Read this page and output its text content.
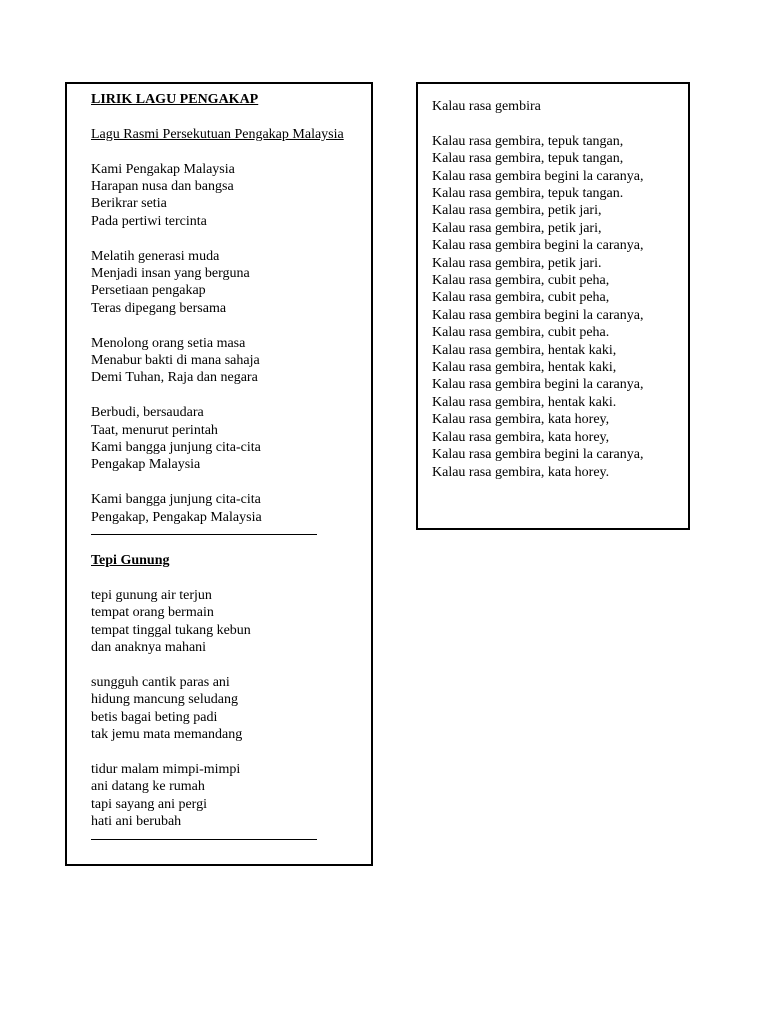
LIRIK LAGU PENGAKAP
Lagu Rasmi Persekutuan Pengakap Malaysia
Kami Pengakap Malaysia
Harapan nusa dan bangsa
Berikrar setia
Pada pertiwi tercinta
Melatih generasi muda
Menjadi insan yang berguna
Persetiaan pengakap
Teras dipegang bersama
Menolong orang setia masa
Menabur bakti di mana sahaja
Demi Tuhan, Raja dan negara
Berbudi, bersaudara
Taat, menurut perintah
Kami bangga junjung cita-cita
Pengakap Malaysia
Kami bangga junjung cita-cita
Pengakap, Pengakap Malaysia
Tepi Gunung
tepi gunung air terjun
tempat orang bermain
tempat tinggal tukang kebun
dan anaknya mahani
sungguh cantik paras ani
hidung mancung seludang
betis bagai beting padi
tak jemu mata memandang
tidur malam mimpi-mimpi
ani datang ke rumah
tapi sayang ani pergi
hati ani berubah
Kalau rasa gembira
Kalau rasa gembira, tepuk tangan,
Kalau rasa gembira, tepuk tangan,
Kalau rasa gembira begini la caranya,
Kalau rasa gembira, tepuk tangan.
Kalau rasa gembira, petik jari,
Kalau rasa gembira, petik jari,
Kalau rasa gembira begini la caranya,
Kalau rasa gembira, petik jari.
Kalau rasa gembira, cubit peha,
Kalau rasa gembira, cubit peha,
Kalau rasa gembira begini la caranya,
Kalau rasa gembira, cubit peha.
Kalau rasa gembira, hentak kaki,
Kalau rasa gembira, hentak kaki,
Kalau rasa gembira begini la caranya,
Kalau rasa gembira, hentak kaki.
Kalau rasa gembira, kata horey,
Kalau rasa gembira, kata horey,
Kalau rasa gembira begini la caranya,
Kalau rasa gembira, kata horey.
